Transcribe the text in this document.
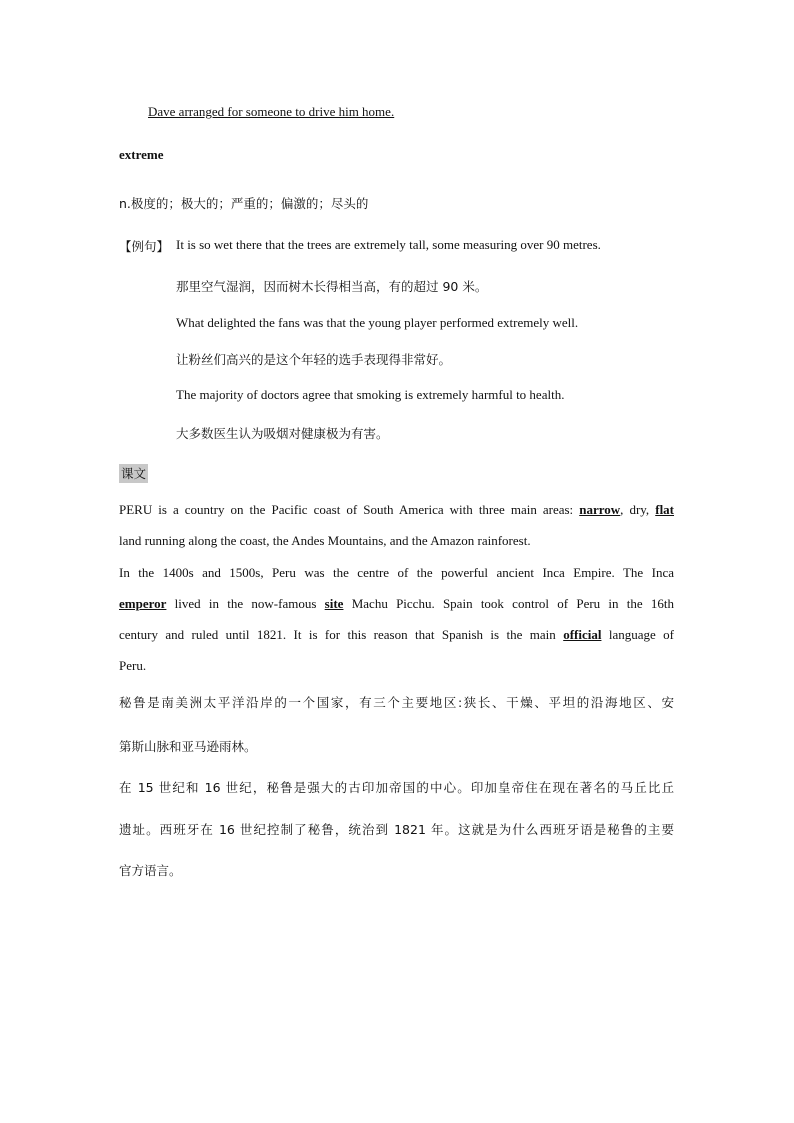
Dave arranged for someone to drive him home.
extreme
n.极度的；极大的；严重的；偏激的；尽头的
【例句】 It is so wet there that the trees are extremely tall, some measuring over 90 metres.
那里空气湿润，因而树木长得相当高，有的超过 90 米。
What delighted the fans was that the young player performed extremely well.
让粉丝们高兴的是这个年轻的选手表现得非常好。
The majority of doctors agree that smoking is extremely harmful to health.
大多数医生认为吸烟对健康极为有害。
课文
PERU is a country on the Pacific coast of South America with three main areas: narrow, dry, flat
land running along the coast, the Andes Mountains, and the Amazon rainforest.
In the 1400s and 1500s, Peru was the centre of the powerful ancient Inca Empire. The Inca
emperor lived in the now-famous site Machu Picchu. Spain took control of Peru in the 16th
century and ruled until 1821. It is for this reason that Spanish is the main official language of
Peru.
秘鲁是南美洲太平洋沿岸的一个国家，有三个主要地区:狭长、干燥、平坦的沿海地区、安
第斯山脉和亚马逊雨林。
在 15 世纪和 16 世纪，秘鲁是强大的古印加帝国的中心。印加皇帝住在现在著名的马丘比丘
遗址。西班牙在 16 世纪控制了秘鲁，统治到 1821 年。这就是为什么西班牙语是秘鲁的主要
官方语言。
